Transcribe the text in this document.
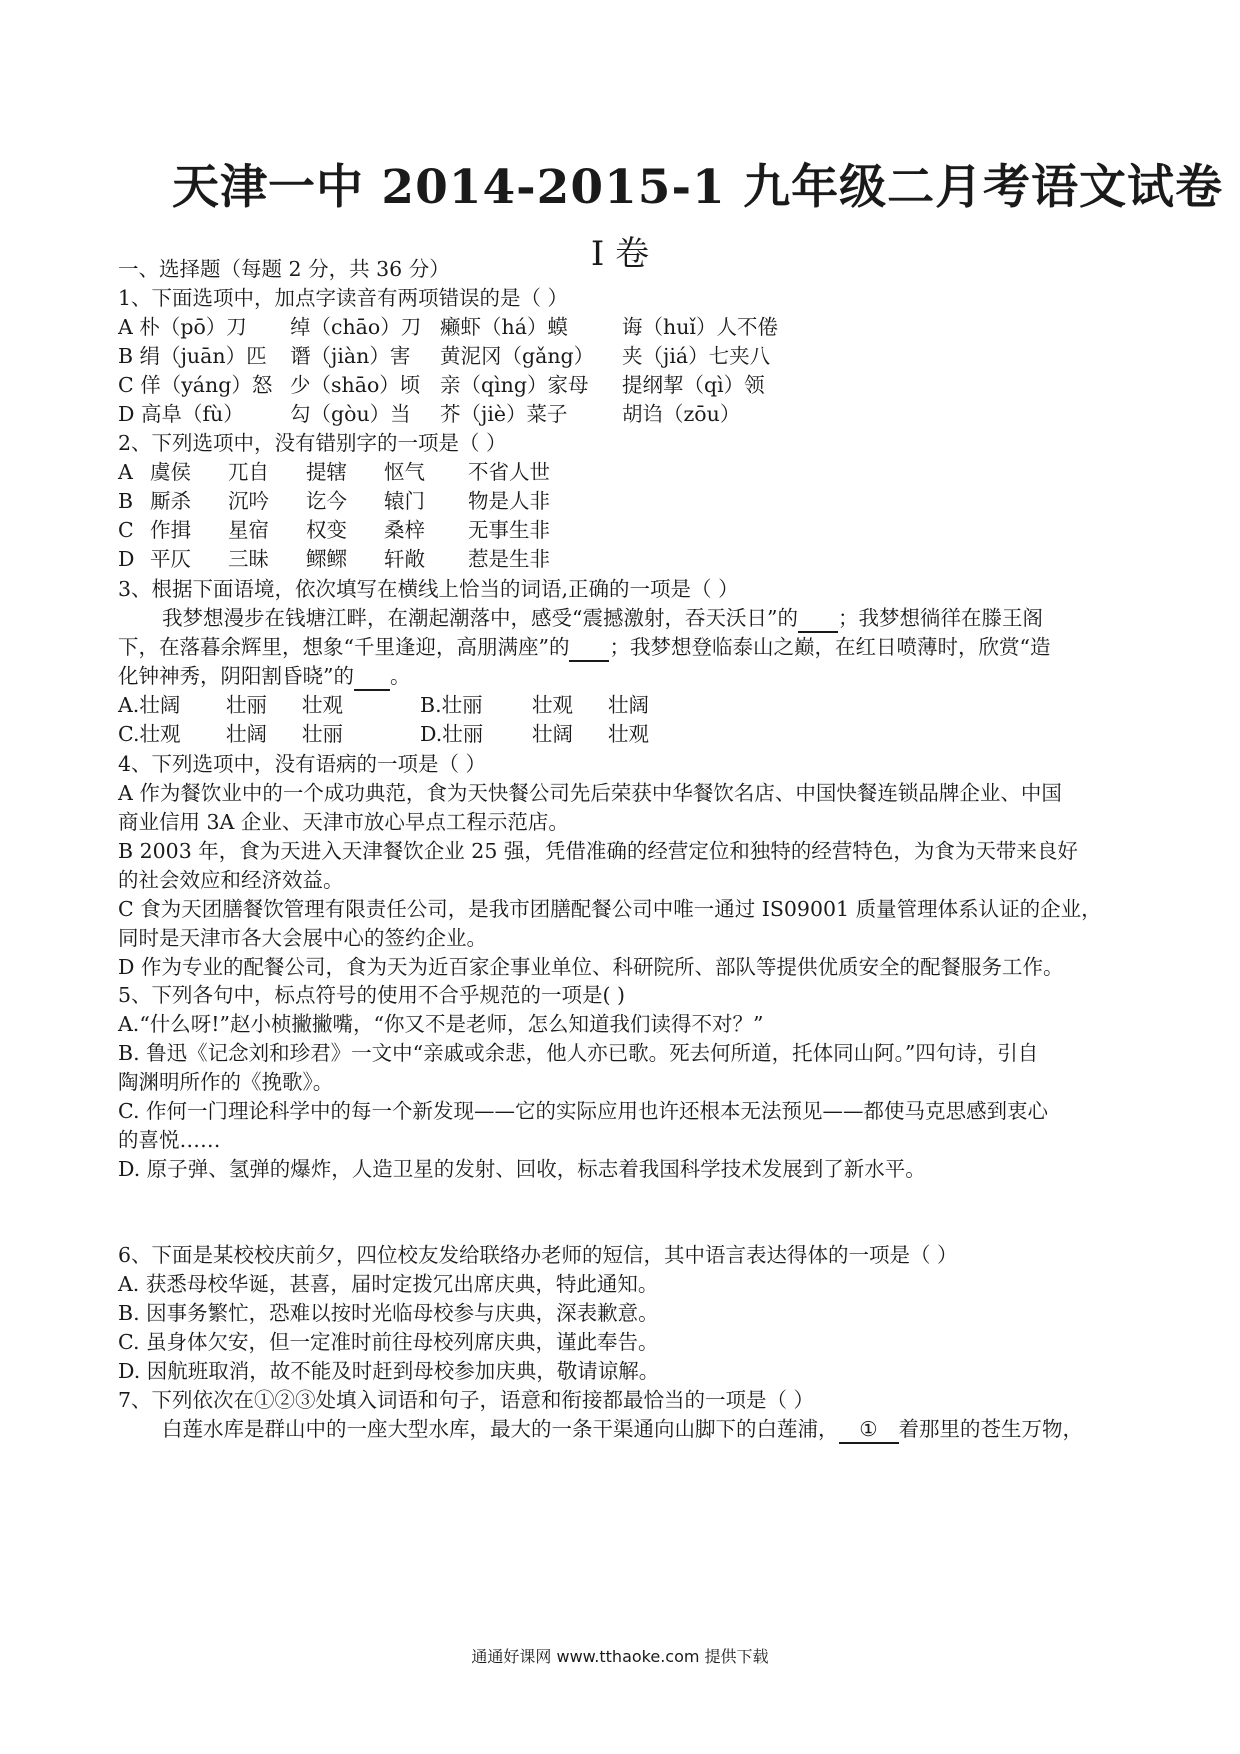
天津一中 2014-2015-1 九年级二月考语文试卷
I 卷
一、选择题（每题 2 分，共 36 分）
1、下面选项中，加点字读音有两项错误的是（ ）
A 朴（pō）刀 绰（chāo）刀 癞虾（há）蟆	诲（huǐ）人不倦
B 绢（juān）匹 谮（jiàn）害 黄泥冈（gǎng） 夹（jiá）七夹八
C 佯（yáng）怒 少（shāo）顷 亲（qìng）家母 提纲挈（qì）领
D 高阜（fù） 勾（gòu）当 芥（jiè）菜子	胡诌（zōu）
2、下列选项中，没有错别字的一项是（ ）
A 虞侯 兀自 提辖 怄气 不省人世
B 厮杀 沉吟 讫今 辕门 物是人非
C 作揖 星宿 权变 桑梓 无事生非
D 平仄 三昧 鳏鳏 轩敞 惹是生非
3、根据下面语境，依次填写在横线上恰当的词语,正确的一项是（ ）
我梦想漫步在钱塘江畔，在潮起潮落中，感受“震撼激射，吞天沃日”的 ；我梦想徜徉在滕王阁
下，在落暮余辉里，想象“千里逢迎，高朋满座”的 ；我梦想登临泰山之巅，在红日喷薄时，欣赏“造
化钟神秀，阴阳割昏晓”的 。
A.壮阔 壮丽 壮观	B.壮丽 壮观 壮阔
C.壮观 壮阔 壮丽	D.壮丽 壮阔 壮观
4、下列选项中，没有语病的一项是（ ）
A 作为餐饮业中的一个成功典范，食为天快餐公司先后荣获中华餐饮名店、中国快餐连锁品牌企业、中国
商业信用 3A 企业、天津市放心早点工程示范店。
B 2003 年，食为天进入天津餐饮企业 25 强，凭借准确的经营定位和独特的经营特色，为食为天带来良好
的社会效应和经济效益。
C 食为天团膳餐饮管理有限责任公司，是我市团膳配餐公司中唯一通过 IS09001 质量管理体系认证的企业，
同时是天津市各大会展中心的签约企业。
D 作为专业的配餐公司，食为天为近百家企事业单位、科研院所、部队等提供优质安全的配餐服务工作。
5、下列各句中，标点符号的使用不合乎规范的一项是( )
A.“什么呀!”赵小桢撇撇嘴，“你又不是老师，怎么知道我们读得不对？”
B. 鲁迅《记念刘和珍君》一文中“亲戚或余悲，他人亦已歌。死去何所道，托体同山阿。”四句诗，引自
陶渊明所作的《挽歌》。
C. 作何一门理论科学中的每一个新发现——它的实际应用也许还根本无法预见——都使马克思感到衷心
的喜悦……
D. 原子弹、氢弹的爆炸，人造卫星的发射、回收，标志着我国科学技术发展到了新水平。
6、下面是某校校庆前夕，四位校友发给联络办老师的短信，其中语言表达得体的一项是（ ）
A. 获悉母校华诞，甚喜，届时定拨冗出席庆典，特此通知。
B. 因事务繁忙，恐难以按时光临母校参与庆典，深表歉意。
C. 虽身体欠安，但一定准时前往母校列席庆典，谨此奉告。
D. 因航班取消，故不能及时赶到母校参加庆典，敬请谅解。
7、下列依次在①②③处填入词语和句子，语意和衔接都最恰当的一项是（ ）
白莲水库是群山中的一座大型水库，最大的一条干渠通向山脚下的白莲浦， ① 着那里的苍生万物，
通通好课网 www.tthaoke.com 提供下载
